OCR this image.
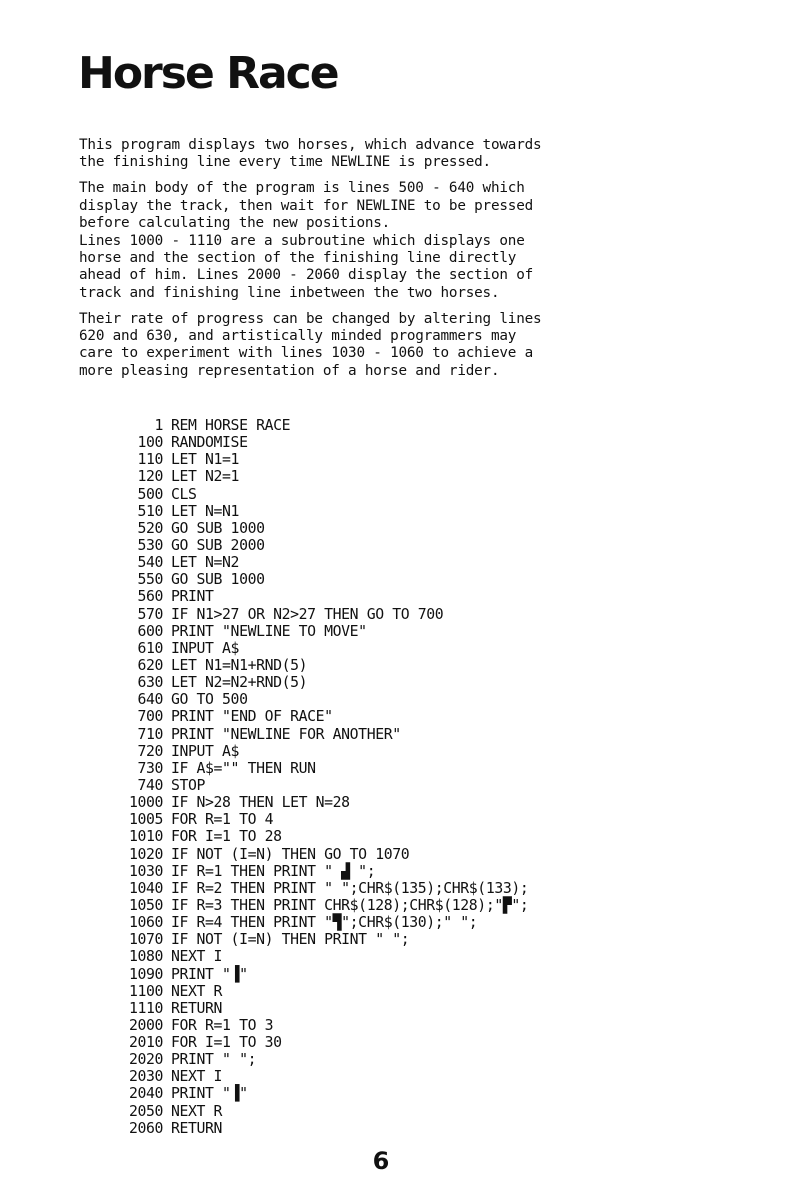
Horse Race

This program displays two horses, which advance towards
the finishing line every time NEWLINE is pressed.

The main body of the program is lines 500 - 640 which
display the track, then wait for NEWLINE to be pressed
before calculating the new positions.
Lines 1000 - 1110 are a subroutine which displays one
horse and the section of the finishing line directly
ahead of him. Lines 2000 - 2060 display the section of
track and finishing line inbetween the two horses.

Their rate of progress can be changed by altering lines
620 and 630, and artistically minded programmers may
care to experiment with lines 1030 - 1060 to achieve a
more pleasing representation of a horse and rider.

1 REM HORSE RACE
100 RANDOMISE
110 LET N1=1
120 LET N2=1
500 CLS
510 LET N=N1
520 GO SUB 1000
530 GO SUB 2000
540 LET N=N2
550 GO SUB 1000
560 PRINT
570 IF N1>27 OR N2>27 THEN GO TO 700
600 PRINT "NEWLINE TO MOVE"
610 INPUT A$
620 LET N1=N1+RND(5)
630 LET N2=N2+RND(5)
640 GO TO 500
700 PRINT "END OF RACE"
710 PRINT "NEWLINE FOR ANOTHER"
720 INPUT A$
730 IF A$="" THEN RUN
740 STOP
1000 IF N>28 THEN LET N=28
1005 FOR R=1 TO 4
1010 FOR I=1 TO 28
1020 IF NOT (I=N) THEN GO TO 1070
1030 IF R=1 THEN PRINT " ▟ ";
1040 IF R=2 THEN PRINT " ";CHR$(135);CHR$(133);
1050 IF R=3 THEN PRINT CHR$(128);CHR$(128);"▛";
1060 IF R=4 THEN PRINT "▜";CHR$(130);" ";
1070 IF NOT (I=N) THEN PRINT " ";
1080 NEXT I
1090 PRINT "▐"
1100 NEXT R
1110 RETURN
2000 FOR R=1 TO 3
2010 FOR I=1 TO 30
2020 PRINT " ";
2030 NEXT I
2040 PRINT "▐"
2050 NEXT R
2060 RETURN
6
